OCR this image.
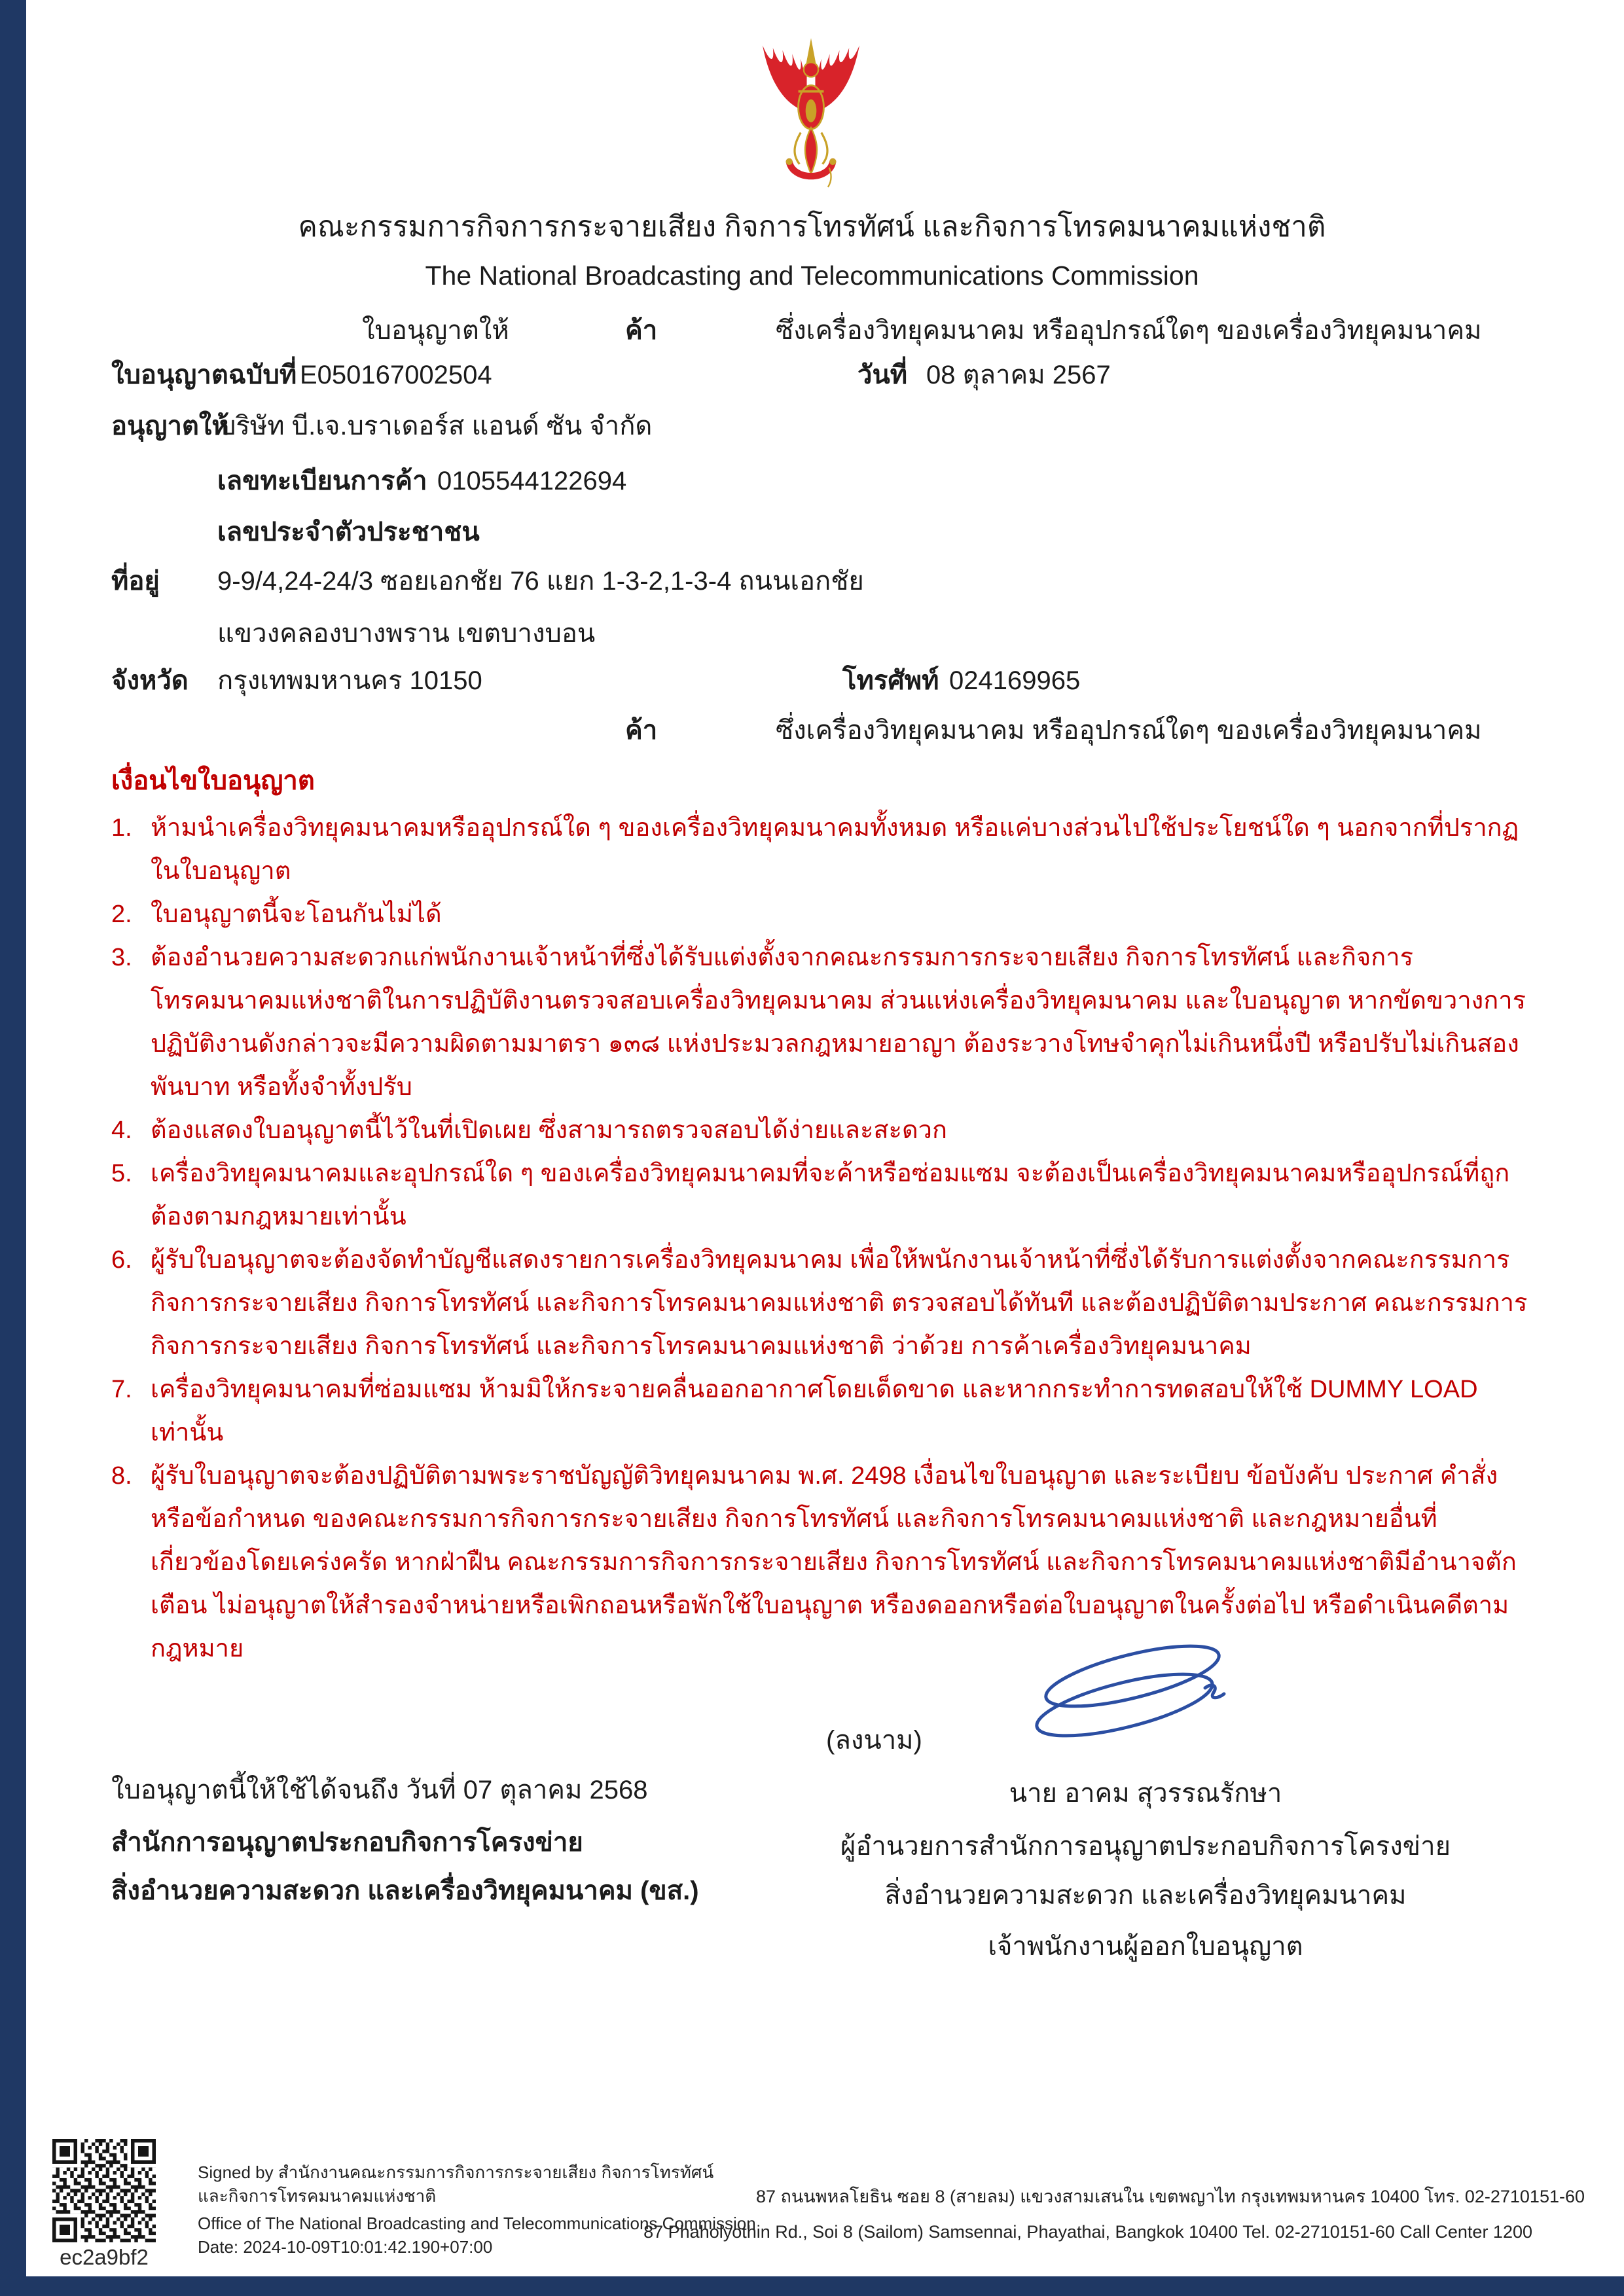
คณะกรรมการกิจการกระจายเสียง กิจการโทรทัศน์ และกิจการโทรคมนาคมแห่งชาติ
The National Broadcasting and Telecommunications Commission
ใบอนุญาตให้	ค้า	ซึ่งเครื่องวิทยุคมนาคม หรืออุปกรณ์ใดๆ ของเครื่องวิทยุคมนาคม
ใบอนุญาตฉบับที่ E050167002504	วันที่ 08 ตุลาคม 2567
อนุญาตให้
บริษัท บี.เจ.บราเดอร์ส แอนด์ ซัน จำกัด
เลขทะเบียนการค้า 0105544122694
เลขประจำตัวประชาชน
ที่อยู่ 9-9/4,24-24/3 ซอยเอกชัย 76 แยก 1-3-2,1-3-4 ถนนเอกชัย
แขวงคลองบางพราน เขตบางบอน
จังหวัด กรุงเทพมหานคร 10150	โทรศัพท์ 024169965
ค้า	ซึ่งเครื่องวิทยุคมนาคม หรืออุปกรณ์ใดๆ ของเครื่องวิทยุคมนาคม
เงื่อนไขใบอนุญาต
1. ห้ามนำเครื่องวิทยุคมนาคมหรืออุปกรณ์ใด ๆ ของเครื่องวิทยุคมนาคมทั้งหมด หรือแค่บางส่วนไปใช้ประโยชน์ใด ๆ นอกจากที่ปรากฏในใบอนุญาต
2. ใบอนุญาตนี้จะโอนกันไม่ได้
3. ต้องอำนวยความสะดวกแก่พนักงานเจ้าหน้าที่ซึ่งได้รับแต่งตั้งจากคณะกรรมการกระจายเสียง กิจการโทรทัศน์ และกิจการโทรคมนาคมแห่งชาติในการปฏิบัติงานตรวจสอบเครื่องวิทยุคมนาคม ส่วนแห่งเครื่องวิทยุคมนาคม และใบอนุญาต หากขัดขวางการปฏิบัติงานดังกล่าวจะมีความผิดตามมาตรา ๑๓๘ แห่งประมวลกฎหมายอาญา ต้องระวางโทษจำคุกไม่เกินหนึ่งปี หรือปรับไม่เกินสองพันบาท หรือทั้งจำทั้งปรับ
4. ต้องแสดงใบอนุญาตนี้ไว้ในที่เปิดเผย ซึ่งสามารถตรวจสอบได้ง่ายและสะดวก
5. เครื่องวิทยุคมนาคมและอุปกรณ์ใด ๆ ของเครื่องวิทยุคมนาคมที่จะค้าหรือซ่อมแซม จะต้องเป็นเครื่องวิทยุคมนาคมหรืออุปกรณ์ที่ถูกต้องตามกฎหมายเท่านั้น
6. ผู้รับใบอนุญาตจะต้องจัดทำบัญชีแสดงรายการเครื่องวิทยุคมนาคม เพื่อให้พนักงานเจ้าหน้าที่ซึ่งได้รับการแต่งตั้งจากคณะกรรมการกิจการกระจายเสียง กิจการโทรทัศน์ และกิจการโทรคมนาคมแห่งชาติ ตรวจสอบได้ทันที และต้องปฏิบัติตามประกาศ คณะกรรมการกิจการกระจายเสียง กิจการโทรทัศน์ และกิจการโทรคมนาคมแห่งชาติ ว่าด้วย การค้าเครื่องวิทยุคมนาคม
7. เครื่องวิทยุคมนาคมที่ซ่อมแซม ห้ามมิให้กระจายคลื่นออกอากาศโดยเด็ดขาด และหากกระทำการทดสอบให้ใช้ DUMMY LOAD เท่านั้น
8. ผู้รับใบอนุญาตจะต้องปฏิบัติตามพระราชบัญญัติวิทยุคมนาคม พ.ศ. 2498 เงื่อนไขใบอนุญาต และระเบียบ ข้อบังคับ ประกาศ คำสั่ง หรือข้อกำหนด ของคณะกรรมการกิจการกระจายเสียง กิจการโทรทัศน์ และกิจการโทรคมนาคมแห่งชาติ และกฎหมายอื่นที่เกี่ยวข้องโดยเคร่งครัด หากฝ่าฝืน คณะกรรมการกิจการกระจายเสียง กิจการโทรทัศน์ และกิจการโทรคมนาคมแห่งชาติมีอำนาจตักเตือน ไม่อนุญาตให้สำรองจำหน่ายหรือเพิกถอนหรือพักใช้ใบอนุญาต หรืองดออกหรือต่อใบอนุญาตในครั้งต่อไป หรือดำเนินคดีตามกฎหมาย
(ลงนาม)
ใบอนุญาตนี้ให้ใช้ได้จนถึง วันที่ 07 ตุลาคม 2568	นาย อาคม สุวรรณรักษา
สำนักการอนุญาตประกอบกิจการโครงข่าย	ผู้อำนวยการสำนักการอนุญาตประกอบกิจการโครงข่าย
สิ่งอำนวยความสะดวก และเครื่องวิทยุคมนาคม (ขส.)	สิ่งอำนวยความสะดวก และเครื่องวิทยุคมนาคม
เจ้าพนักงานผู้ออกใบอนุญาต
ec2a9bf2
Signed by สำนักงานคณะกรรมการกิจการกระจายเสียง กิจการโทรทัศน์
และกิจการโทรคมนาคมแห่งชาติ
Office of The National Broadcasting and Telecommunications Commission
Date: 2024-10-09T10:01:42.190+07:00
87 ถนนพหลโยธิน ซอย 8 (สายลม) แขวงสามเสนใน เขตพญาไท กรุงเทพมหานคร 10400 โทร. 02-2710151-60
87 Phaholyothin Rd., Soi 8 (Sailom) Samsennai, Phayathai, Bangkok 10400 Tel. 02-2710151-60 Call Center 1200
